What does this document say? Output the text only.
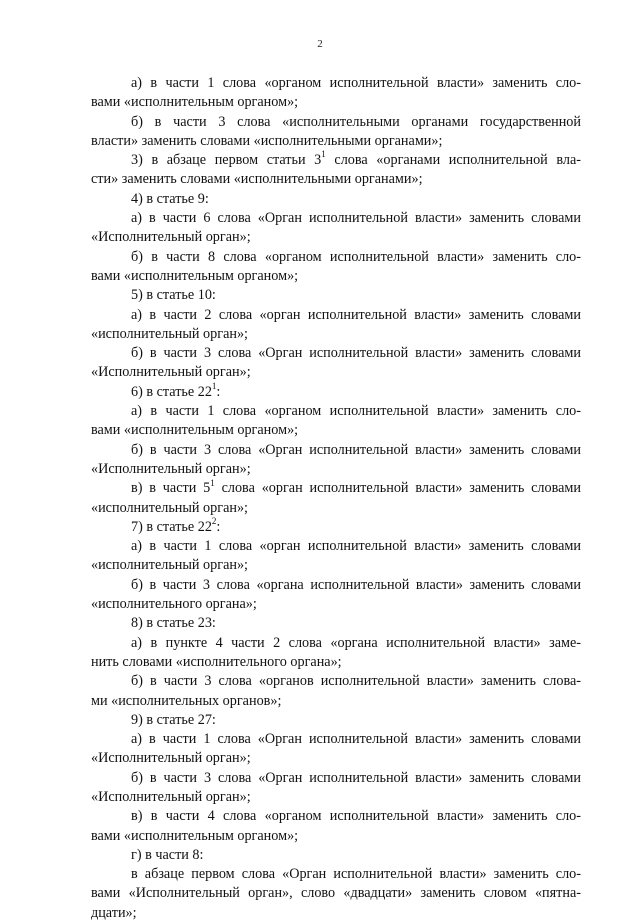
2
а) в части 1 слова «органом исполнительной власти» заменить сло-
вами «исполнительным органом»;
б) в части 3 слова «исполнительными органами государственной
власти» заменить словами «исполнительными органами»;
3) в абзаце первом статьи $3^1$ слова «органами исполнительной вла-
сти» заменить словами «исполнительными органами»;
4) в статье 9:
а) в части 6 слова «Орган исполнительной власти» заменить словами
«Исполнительный орган»;
б) в части 8 слова «органом исполнительной власти» заменить сло-
вами «исполнительным органом»;
5) в статье 10:
а) в части 2 слова «орган исполнительной власти» заменить словами
«исполнительный орган»;
б) в части 3 слова «Орган исполнительной власти» заменить словами
«Исполнительный орган»;
6) в статье $22^1$:
а) в части 1 слова «органом исполнительной власти» заменить сло-
вами «исполнительным органом»;
б) в части 3 слова «Орган исполнительной власти» заменить словами
«Исполнительный орган»;
в) в части $5^1$ слова «орган исполнительной власти» заменить словами
«исполнительный орган»;
7) в статье $22^2$:
а) в части 1 слова «орган исполнительной власти» заменить словами
«исполнительный орган»;
б) в части 3 слова «органа исполнительной власти» заменить словами
«исполнительного органа»;
8) в статье 23:
а) в пункте 4 части 2 слова «органа исполнительной власти» заме-
нить словами «исполнительного органа»;
б) в части 3 слова «органов исполнительной власти» заменить слова-
ми «исполнительных органов»;
9) в статье 27:
а) в части 1 слова «Орган исполнительной власти» заменить словами
«Исполнительный орган»;
б) в части 3 слова «Орган исполнительной власти» заменить словами
«Исполнительный орган»;
в) в части 4 слова «органом исполнительной власти» заменить сло-
вами «исполнительным органом»;
г) в части 8:
в абзаце первом слова «Орган исполнительной власти» заменить сло-
вами «Исполнительный орган», слово «двадцати» заменить словом «пятна-
дцати»;
